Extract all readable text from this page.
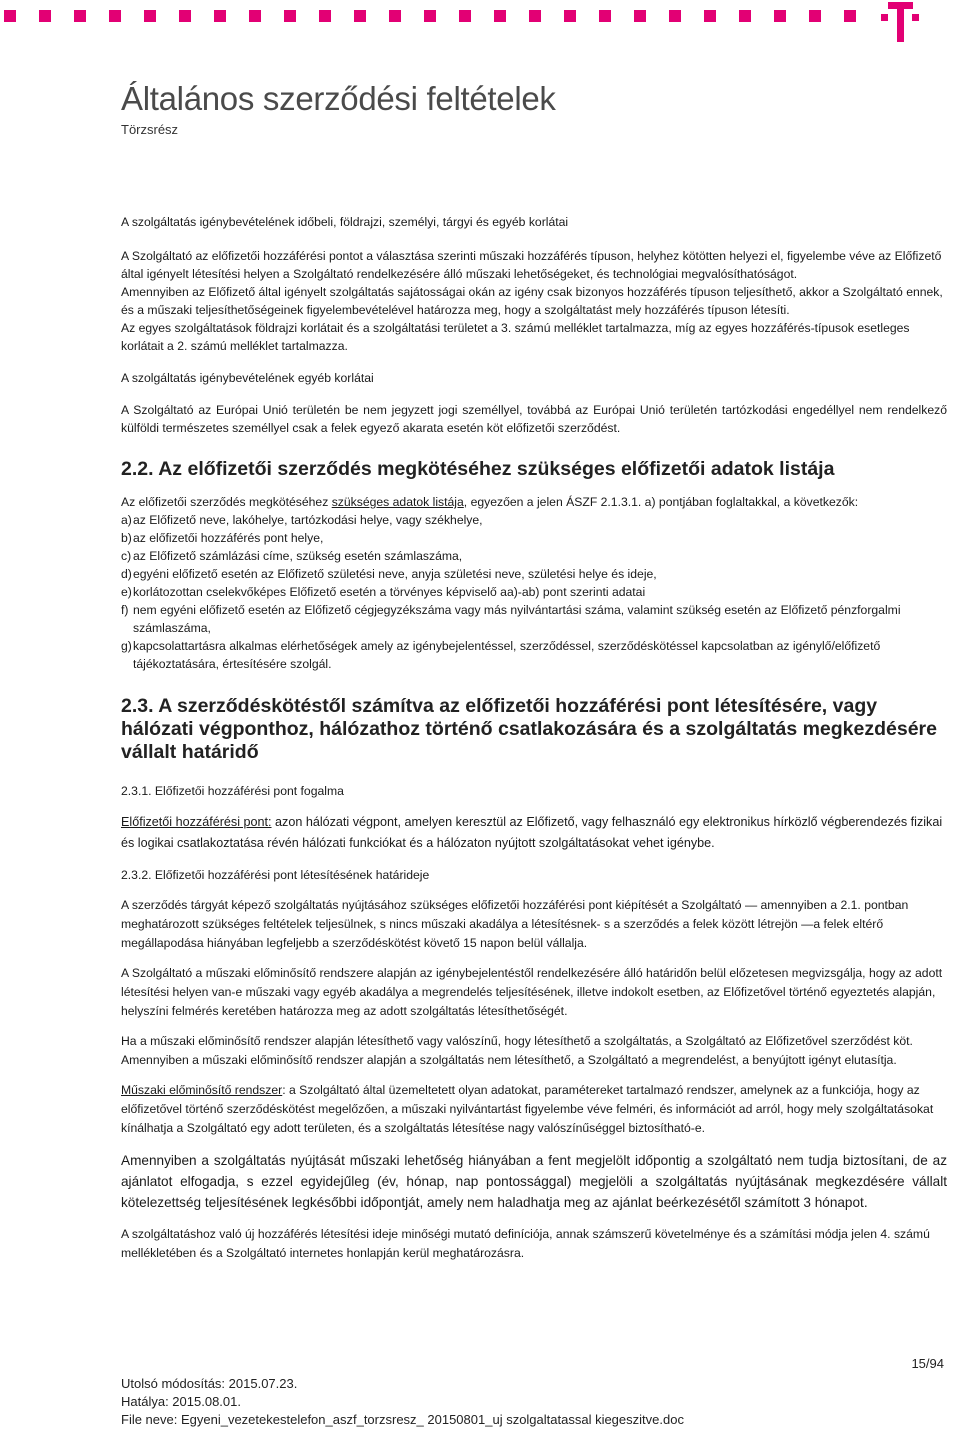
Általános szerződési feltételek
Törzsrész

A szolgáltatás igénybevételének időbeli, földrajzi, személyi, tárgyi és egyéb korlátai

A Szolgáltató az előfizetői hozzáférési pontot a választása szerinti műszaki hozzáférés típuson, helyhez kötötten helyezi el, figyelembe véve az Előfizető által igényelt létesítési helyen a Szolgáltató rendelkezésére álló műszaki lehetőségeket, és technológiai megvalósíthatóságot.

Amennyiben az Előfizető által igényelt szolgáltatás sajátosságai okán az igény csak bizonyos hozzáférés típuson teljesíthető, akkor a Szolgáltató ennek, és a műszaki teljesíthetőségeinek figyelembevételével határozza meg, hogy a szolgáltatást mely hozzáférés típuson létesíti.

Az egyes szolgáltatások földrajzi korlátait és a szolgáltatási területet a 3. számú melléklet tartalmazza, míg az egyes hozzáférés-típusok esetleges korlátait a 2. számú melléklet tartalmazza.

A szolgáltatás igénybevételének egyéb korlátai

A Szolgáltató az Európai Unió területén be nem jegyzett jogi személlyel, továbbá az Európai Unió területén tartózkodási engedéllyel nem rendelkező külföldi természetes személlyel csak a felek egyező akarata esetén köt előfizetői szerződést.

2.2. Az előfizetői szerződés megkötéséhez szükséges előfizetői adatok listája

Az előfizetői szerződés megkötéséhez szükséges adatok listája, egyezően a jelen ÁSZF 2.1.3.1. a) pontjában foglaltakkal, a következők:

a) az Előfizető neve, lakóhelye, tartózkodási helye, vagy székhelye,
b) az előfizetői hozzáférés pont helye,
c) az Előfizető számlázási címe, szükség esetén számlaszáma,
d) egyéni előfizető esetén az Előfizető születési neve, anyja születési neve, születési helye és ideje,
e) korlátozottan cselekvőképes Előfizető esetén a törvényes képviselő aa)-ab) pont szerinti adatai
f) nem egyéni előfizető esetén az Előfizető cégjegyzékszáma vagy más nyilvántartási száma, valamint szükség esetén az Előfizető pénzforgalmi számlaszáma,
g) kapcsolattartásra alkalmas elérhetőségek amely az igénybejelentéssel, szerződéssel, szerződéskötéssel kapcsolatban az igénylő/előfizető tájékoztatására, értesítésére szolgál.
2.3. A szerződéskötéstől számítva az előfizetői hozzáférési pont létesítésére, vagy hálózati végponthoz, hálózathoz történő csatlakozására és a szolgáltatás megkezdésére vállalt határidő

2.3.1. Előfizetői hozzáférési pont fogalma

Előfizetői hozzáférési pont: azon hálózati végpont, amelyen keresztül az Előfizető, vagy felhasználó egy elektronikus hírközlő végberendezés fizikai és logikai csatlakoztatása révén hálózati funkciókat és a hálózaton nyújtott szolgáltatásokat vehet igénybe.

2.3.2. Előfizetői hozzáférési pont létesítésének határideje

A szerződés tárgyát képező szolgáltatás nyújtásához szükséges előfizetői hozzáférési pont kiépítését a Szolgáltató — amennyiben a 2.1. pontban meghatározott szükséges feltételek teljesülnek, s nincs műszaki akadálya a létesítésnek- s a szerződés a felek között létrejön —a felek eltérő megállapodása hiányában legfeljebb a szerződéskötést követő 15 napon belül vállalja.

A Szolgáltató a műszaki előminősítő rendszere alapján az igénybejelentéstől rendelkezésére álló határidőn belül előzetesen megvizsgálja, hogy az adott létesítési helyen van-e műszaki vagy egyéb akadálya a megrendelés teljesítésének, illetve indokolt esetben, az Előfizetővel történő egyeztetés alapján, helyszíni felmérés keretében határozza meg az adott szolgáltatás létesíthetőségét.

Ha a műszaki előminősítő rendszer alapján létesíthető vagy valószínű, hogy létesíthető a szolgáltatás, a Szolgáltató az Előfizetővel szerződést köt. Amennyiben a műszaki előminősítő rendszer alapján a szolgáltatás nem létesíthető, a Szolgáltató a megrendelést, a benyújtott igényt elutasítja.

Műszaki előminősítő rendszer: a Szolgáltató által üzemeltetett olyan adatokat, paramétereket tartalmazó rendszer, amelynek az a funkciója, hogy az előfizetővel történő szerződéskötést megelőzően, a műszaki nyilvántartást figyelembe véve felméri, és információt ad arról, hogy mely szolgáltatásokat kínálhatja a Szolgáltató egy adott területen, és a szolgáltatás létesítése nagy valószínűséggel biztosítható-e.

Amennyiben a szolgáltatás nyújtását műszaki lehetőség hiányában a fent megjelölt időpontig a szolgáltató nem tudja biztosítani, de az ajánlatot elfogadja, s ezzel egyidejűleg (év, hónap, nap pontossággal) megjelöli a szolgáltatás nyújtásának megkezdésére vállalt kötelezettség teljesítésének legkésőbbi időpontját, amely nem haladhatja meg az ajánlat beérkezésétől számított 3 hónapot.

A szolgáltatáshoz való új hozzáférés létesítési ideje minőségi mutató definíciója, annak számszerű követelménye és a számítási módja jelen 4. számú mellékletében és a Szolgáltató internetes honlapján kerül meghatározásra.

15/94
Utolsó módosítás: 2015.07.23.
Hatálya: 2015.08.01.
File neve: Egyeni_vezetekestelefon_aszf_torzsresz_ 20150801_uj szolgaltatassal kiegeszitve.doc
